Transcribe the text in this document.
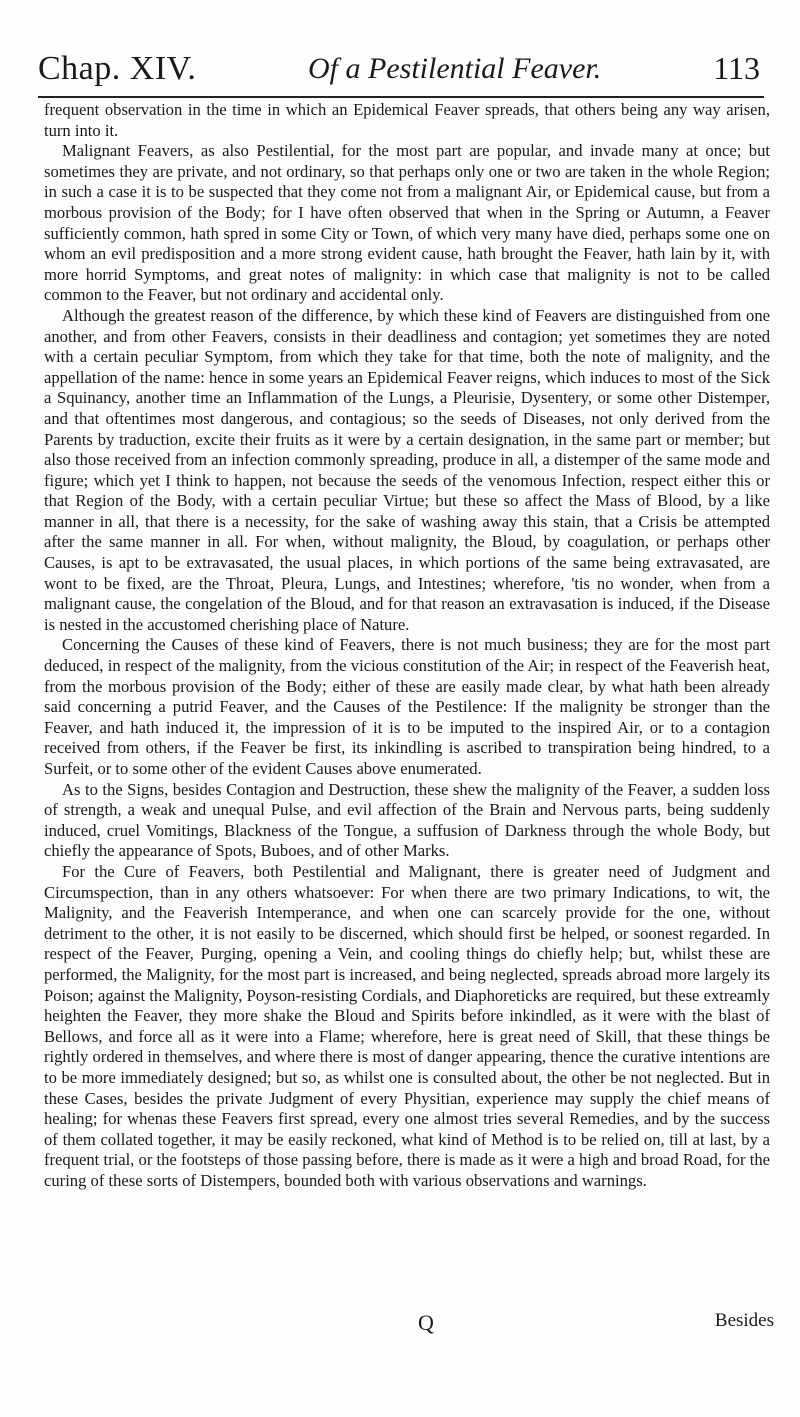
Chap. XIV.	Of a Pestilential Feaver.	113

frequent observation in the time in which an Epidemical Feaver spreads, that others being any way arisen, turn into it.

Malignant Feavers, as also Pestilential, for the most part are popular, and invade many at once; but sometimes they are private, and not ordinary, so that perhaps only one or two are taken in the whole Region; in such a case it is to be suspected that they come not from a malignant Air, or Epidemical cause, but from a morbous provision of the Body; for I have often observed that when in the Spring or Autumn, a Feaver sufficiently common, hath spred in some City or Town, of which very many have died, perhaps some one on whom an evil predisposition and a more strong evident cause, hath brought the Feaver, hath lain by it, with more horrid Symptoms, and great notes of malignity: in which case that malignity is not to be called common to the Feaver, but not ordinary and accidental only.

Although the greatest reason of the difference, by which these kind of Feavers are distinguished from one another, and from other Feavers, consists in their deadliness and contagion; yet sometimes they are noted with a certain peculiar Symptom, from which they take for that time, both the note of malignity, and the appellation of the name: hence in some years an Epidemical Feaver reigns, which induces to most of the Sick a Squinancy, another time an Inflammation of the Lungs, a Pleurisie, Dysentery, or some other Distemper, and that oftentimes most dangerous, and contagious; so the seeds of Diseases, not only derived from the Parents by traduction, excite their fruits as it were by a certain designation, in the same part or member; but also those received from an infection commonly spreading, produce in all, a distemper of the same mode and figure; which yet I think to happen, not because the seeds of the venomous Infection, respect either this or that Region of the Body, with a certain peculiar Virtue; but these so affect the Mass of Blood, by a like manner in all, that there is a necessity, for the sake of washing away this stain, that a Crisis be attempted after the same manner in all. For when, without malignity, the Bloud, by coagulation, or perhaps other Causes, is apt to be extravasated, the usual places, in which portions of the same being extravasated, are wont to be fixed, are the Throat, Pleura, Lungs, and Intestines; wherefore, 'tis no wonder, when from a malignant cause, the congelation of the Bloud, and for that reason an extravasation is induced, if the Disease is nested in the accustomed cherishing place of Nature.

Concerning the Causes of these kind of Feavers, there is not much business; they are for the most part deduced, in respect of the malignity, from the vicious constitution of the Air; in respect of the Feaverish heat, from the morbous provision of the Body; either of these are easily made clear, by what hath been already said concerning a putrid Feaver, and the Causes of the Pestilence: If the malignity be stronger than the Feaver, and hath induced it, the impression of it is to be imputed to the inspired Air, or to a contagion received from others, if the Feaver be first, its inkindling is ascribed to transpiration being hindred, to a Surfeit, or to some other of the evident Causes above enumerated.

As to the Signs, besides Contagion and Destruction, these shew the malignity of the Feaver, a sudden loss of strength, a weak and unequal Pulse, and evil affection of the Brain and Nervous parts, being suddenly induced, cruel Vomitings, Blackness of the Tongue, a suffusion of Darkness through the whole Body, but chiefly the appearance of Spots, Buboes, and of other Marks.

For the Cure of Feavers, both Pestilential and Malignant, there is greater need of Judgment and Circumspection, than in any others whatsoever: For when there are two primary Indications, to wit, the Malignity, and the Feaverish Intemperance, and when one can scarcely provide for the one, without detriment to the other, it is not easily to be discerned, which should first be helped, or soonest regarded. In respect of the Feaver, Purging, opening a Vein, and cooling things do chiefly help; but, whilst these are performed, the Malignity, for the most part is increased, and being neglected, spreads abroad more largely its Poison; against the Malignity, Poyson-resisting Cordials, and Diaphoreticks are required, but these extreamly heighten the Feaver, they more shake the Bloud and Spirits before inkindled, as it were with the blast of Bellows, and force all as it were into a Flame; wherefore, here is great need of Skill, that these things be rightly ordered in themselves, and where there is most of danger appearing, thence the curative intentions are to be more immediately designed; but so, as whilst one is consulted about, the other be not neglected. But in these Cases, besides the private Judgment of every Physitian, experience may supply the chief means of healing; for whenas these Feavers first spread, every one almost tries several Remedies, and by the success of them collated together, it may be easily reckoned, what kind of Method is to be relied on, till at last, by a frequent trial, or the footsteps of those passing before, there is made as it were a high and broad Road, for the curing of these sorts of Distempers, bounded both with various observations and warnings.

Q	Besides
